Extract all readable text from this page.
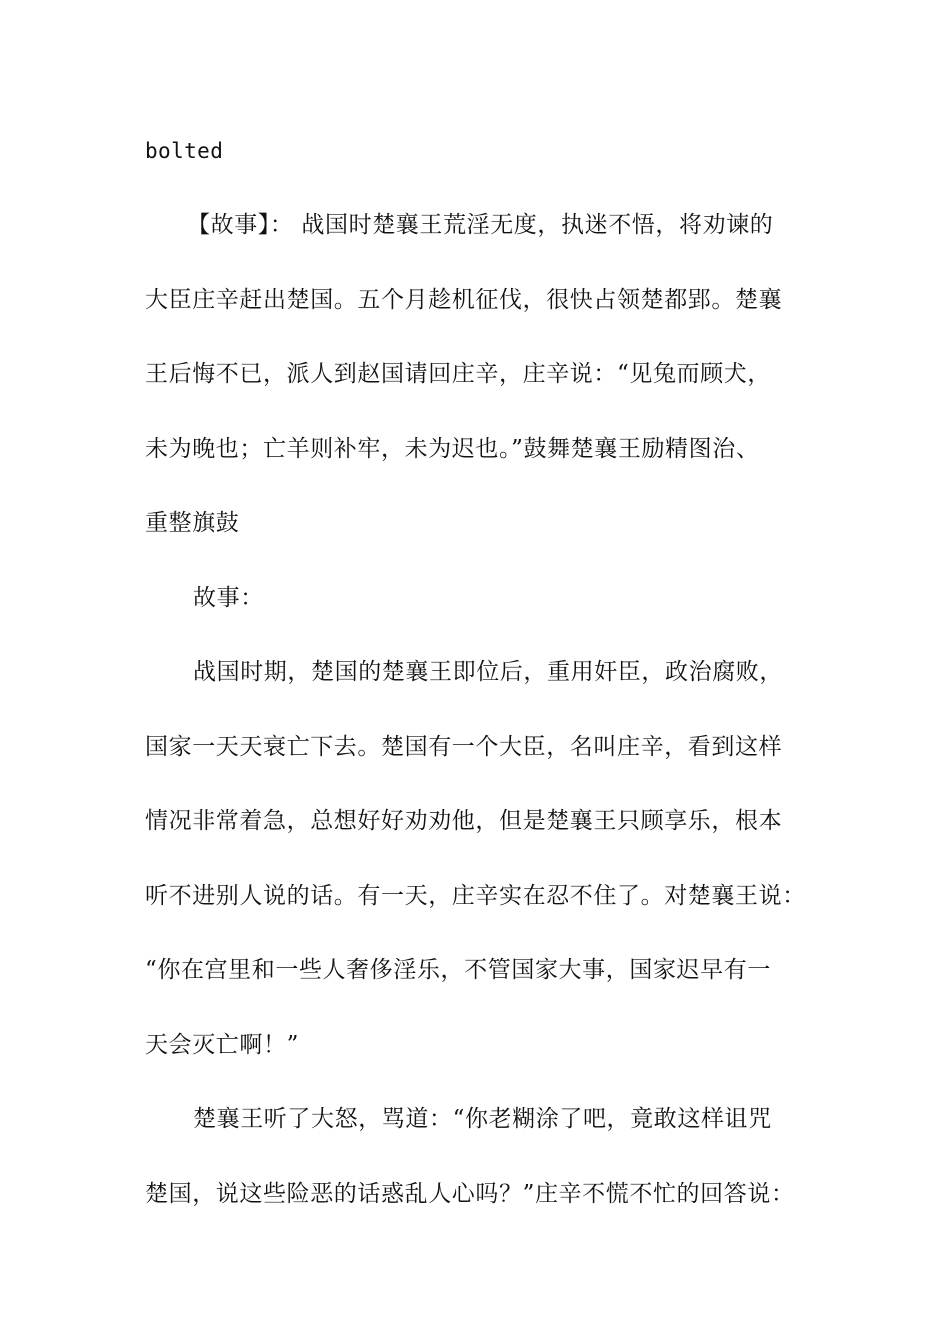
bolted
【故事】： 战国时楚襄王荒淫无度，执迷不悟，将劝谏的
大臣庄辛赶出楚国。五个月趁机征伐，很快占领楚都郢。楚襄
王后悔不已，派人到赵国请回庄辛，庄辛说：“见兔而顾犬，
未为晚也；亡羊则补牢，未为迟也。”鼓舞楚襄王励精图治、
重整旗鼓
故事：
战国时期，楚国的楚襄王即位后，重用奸臣，政治腐败，
国家一天天衰亡下去。楚国有一个大臣，名叫庄辛，看到这样
情况非常着急，总想好好劝劝他，但是楚襄王只顾享乐，根本
听不进别人说的话。有一天，庄辛实在忍不住了。对楚襄王说：
“你在宫里和一些人奢侈淫乐，不管国家大事，国家迟早有一
天会灭亡啊！”
楚襄王听了大怒，骂道：“你老糊涂了吧，竟敢这样诅咒
楚国，说这些险恶的话惑乱人心吗？”庄辛不慌不忙的回答说：
